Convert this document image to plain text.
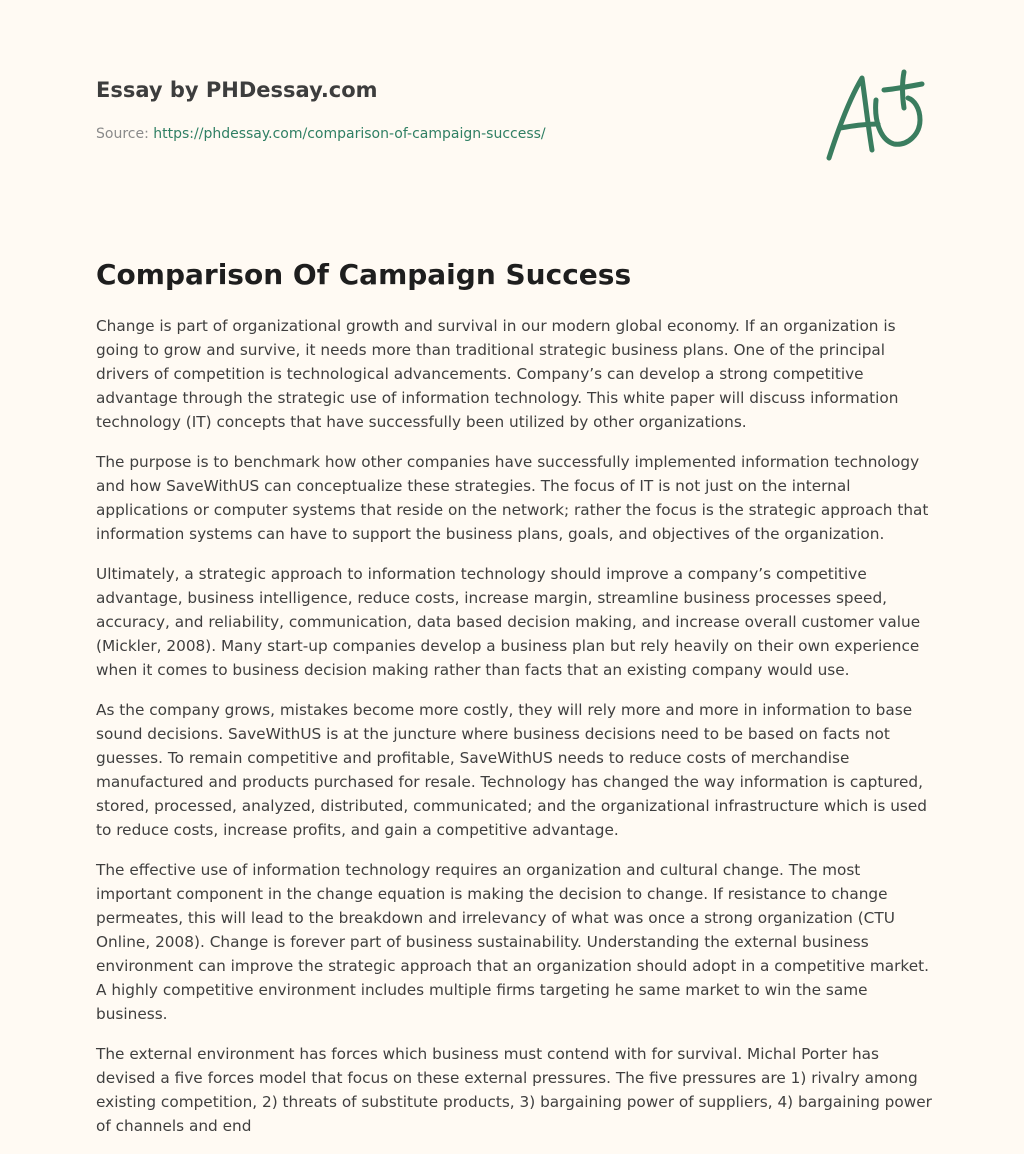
Essay by PHDessay.com
Source: https://phdessay.com/comparison-of-campaign-success/
Comparison Of Campaign Success

Change is part of organizational growth and survival in our modern global economy. If an organization is going to grow and survive, it needs more than traditional strategic business plans. One of the principal drivers of competition is technological advancements. Company’s can develop a strong competitive advantage through the strategic use of information technology. This white paper will discuss information technology (IT) concepts that have successfully been utilized by other organizations.

The purpose is to benchmark how other companies have successfully implemented information technology and how SaveWithUS can conceptualize these strategies. The focus of IT is not just on the internal applications or computer systems that reside on the network; rather the focus is the strategic approach that information systems can have to support the business plans, goals, and objectives of the organization.

Ultimately, a strategic approach to information technology should improve a company’s competitive advantage, business intelligence, reduce costs, increase margin, streamline business processes speed, accuracy, and reliability, communication, data based decision making, and increase overall customer value (Mickler, 2008). Many start-up companies develop a business plan but rely heavily on their own experience when it comes to business decision making rather than facts that an existing company would use.

As the company grows, mistakes become more costly, they will rely more and more in information to base sound decisions. SaveWithUS is at the juncture where business decisions need to be based on facts not guesses. To remain competitive and profitable, SaveWithUS needs to reduce costs of merchandise manufactured and products purchased for resale. Technology has changed the way information is captured, stored, processed, analyzed, distributed, communicated; and the organizational infrastructure which is used to reduce costs, increase profits, and gain a competitive advantage.

The effective use of information technology requires an organization and cultural change. The most important component in the change equation is making the decision to change. If resistance to change permeates, this will lead to the breakdown and irrelevancy of what was once a strong organization (CTU Online, 2008). Change is forever part of business sustainability. Understanding the external business environment can improve the strategic approach that an organization should adopt in a competitive market. A highly competitive environment includes multiple firms targeting he same market to win the same business.

The external environment has forces which business must contend with for survival. Michal Porter has devised a five forces model that focus on these external pressures. The five pressures are 1) rivalry among existing competition, 2) threats of substitute products, 3) bargaining power of suppliers, 4) bargaining power of channels and end
